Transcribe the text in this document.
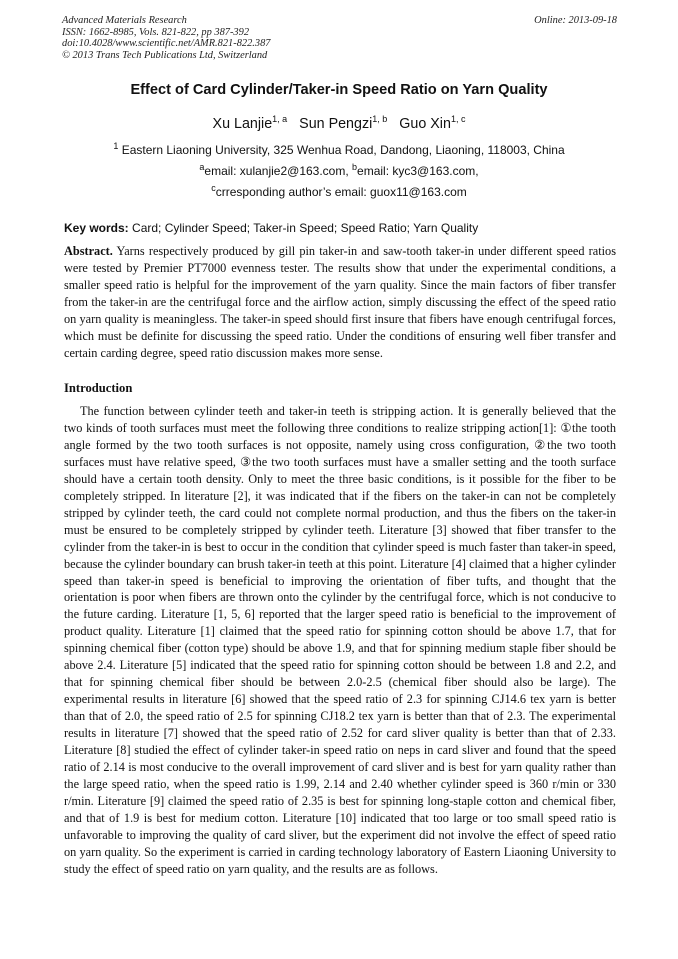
Advanced Materials Research
ISSN: 1662-8985, Vols. 821-822, pp 387-392
doi:10.4028/www.scientific.net/AMR.821-822.387
© 2013 Trans Tech Publications Ltd, Switzerland
Online: 2013-09-18
Effect of Card Cylinder/Taker-in Speed Ratio on Yarn Quality
Xu Lanjie$^{1, a}$ Sun Pengzi$^{1, b}$ Guo Xin$^{1, c}$
$^1$ Eastern Liaoning University, 325 Wenhua Road, Dandong, Liaoning, 118003, China
$^a$email: xulanjie2@163.com, $^b$email: kyc3@163.com,
$^c$crresponding author’s email: guox11@163.com
Key words: Card; Cylinder Speed; Taker-in Speed; Speed Ratio; Yarn Quality

Abstract. Yarns respectively produced by gill pin taker-in and saw-tooth taker-in under different speed ratios were tested by Premier PT7000 evenness tester. The results show that under the experimental conditions, a smaller speed ratio is helpful for the improvement of the yarn quality. Since the main factors of fiber transfer from the taker-in are the centrifugal force and the airflow action, simply discussing the effect of the speed ratio on yarn quality is meaningless. The taker-in speed should first insure that fibers have enough centrifugal forces, which must be definite for discussing the speed ratio. Under the conditions of ensuring well fiber transfer and certain carding degree, speed ratio discussion makes more sense.

Introduction

The function between cylinder teeth and taker-in teeth is stripping action. It is generally believed that the two kinds of tooth surfaces must meet the following three conditions to realize stripping action[1]: ①the tooth angle formed by the two tooth surfaces is not opposite, namely using cross configuration, ②the two tooth surfaces must have relative speed, ③the two tooth surfaces must have a smaller setting and the tooth surface should have a certain tooth density. Only to meet the three basic conditions, is it possible for the fiber to be completely stripped. In literature [2], it was indicated that if the fibers on the taker-in can not be completely stripped by cylinder teeth, the card could not complete normal production, and thus the fibers on the taker-in must be ensured to be completely stripped by cylinder teeth. Literature [3] showed that fiber transfer to the cylinder from the taker-in is best to occur in the condition that cylinder speed is much faster than taker-in speed, because the cylinder boundary can brush taker-in teeth at this point. Literature [4] claimed that a higher cylinder speed than taker-in speed is beneficial to improving the orientation of fiber tufts, and thought that the orientation is poor when fibers are thrown onto the cylinder by the centrifugal force, which is not conducive to the future carding. Literature [1, 5, 6] reported that the larger speed ratio is beneficial to the improvement of product quality. Literature [1] claimed that the speed ratio for spinning cotton should be above 1.7, that for spinning chemical fiber (cotton type) should be above 1.9, and that for spinning medium staple fiber should be above 2.4. Literature [5] indicated that the speed ratio for spinning cotton should be between 1.8 and 2.2, and that for spinning chemical fiber should be between 2.0-2.5 (chemical fiber should also be large). The experimental results in literature [6] showed that the speed ratio of 2.3 for spinning CJ14.6 tex yarn is better than that of 2.0, the speed ratio of 2.5 for spinning CJ18.2 tex yarn is better than that of 2.3. The experimental results in literature [7] showed that the speed ratio of 2.52 for card sliver quality is better than that of 2.33. Literature [8] studied the effect of cylinder taker-in speed ratio on neps in card sliver and found that the speed ratio of 2.14 is most conducive to the overall improvement of card sliver and is best for yarn quality rather than the large speed ratio, when the speed ratio is 1.99, 2.14 and 2.40 whether cylinder speed is 360 r/min or 330 r/min. Literature [9] claimed the speed ratio of 2.35 is best for spinning long-staple cotton and chemical fiber, and that of 1.9 is best for medium cotton. Literature [10] indicated that too large or too small speed ratio is unfavorable to improving the quality of card sliver, but the experiment did not involve the effect of speed ratio on yarn quality. So the experiment is carried in carding technology laboratory of Eastern Liaoning University to study the effect of speed ratio on yarn quality, and the results are as follows.
